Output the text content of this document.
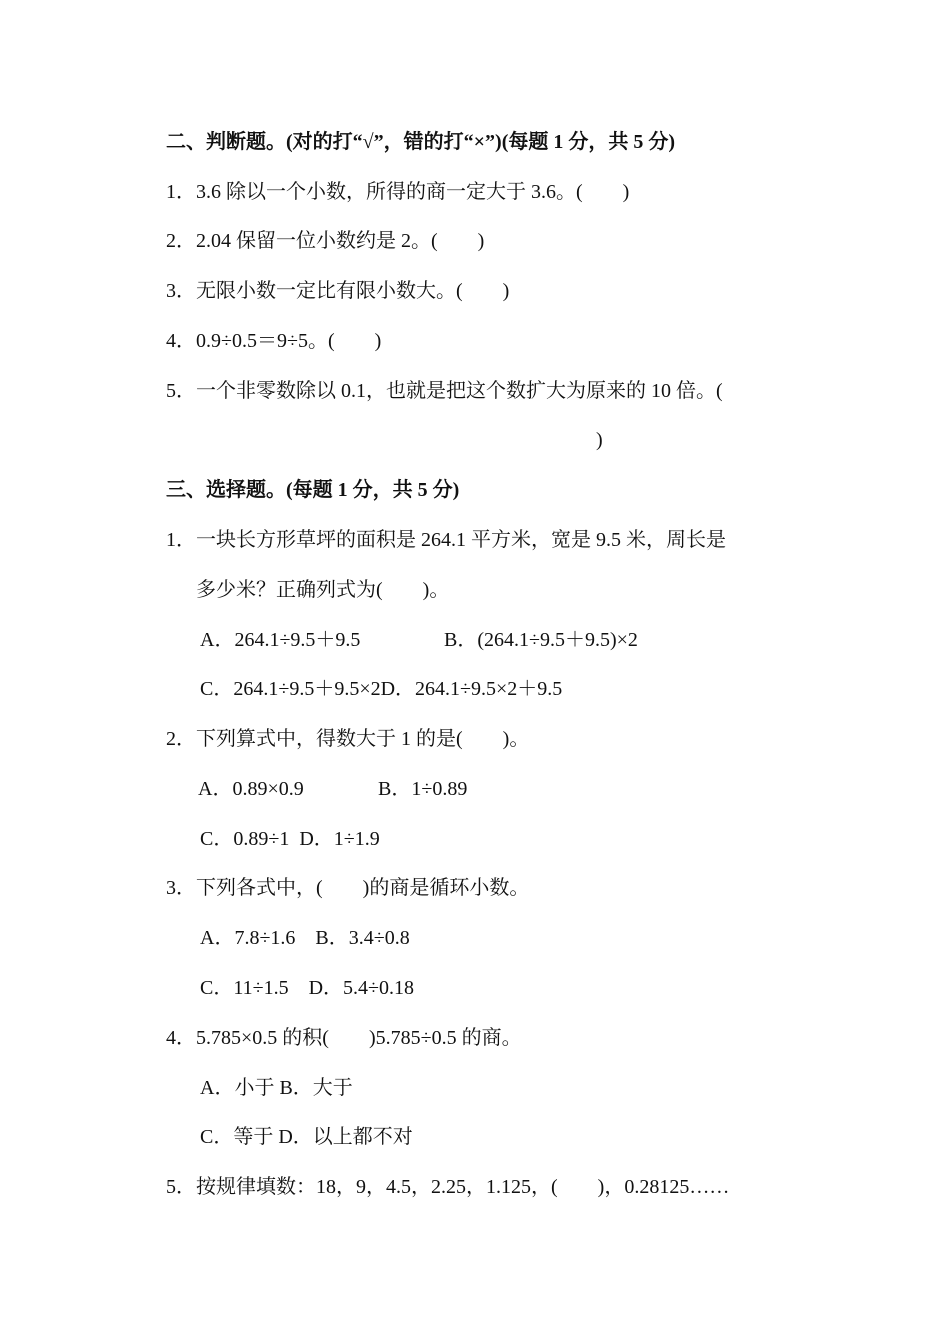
二、判断题。(对的打“√”，错的打“×”)(每题 1 分，共 5 分)
1．3.6 除以一个小数，所得的商一定大于 3.6。(        )
2．2.04 保留一位小数约是 2。(        )
3．无限小数一定比有限小数大。(        )
4．0.9÷0.5＝9÷5。(        )
5．一个非零数除以 0.1，也就是把这个数扩大为原来的 10 倍。(
)
三、选择题。(每题 1 分，共 5 分)
1．一块长方形草坪的面积是 264.1 平方米，宽是 9.5 米，周长是
多少米？正确列式为(        )。
A．264.1÷9.5＋9.5	B．(264.1÷9.5＋9.5)×2
C．264.1÷9.5＋9.5×2D．264.1÷9.5×2＋9.5
2．下列算式中，得数大于 1 的是(        )。
A．0.89×0.9	B．1÷0.89
C．0.89÷1  D．1÷1.9
3．下列各式中，(        )的商是循环小数。
A．7.8÷1.6    B．3.4÷0.8
C．11÷1.5    D．5.4÷0.18
4．5.785×0.5 的积(        )5.785÷0.5 的商。
A．小于 B．大于
C．等于 D．以上都不对
5．按规律填数：18，9，4.5，2.25，1.125，(        )，0.28125……
